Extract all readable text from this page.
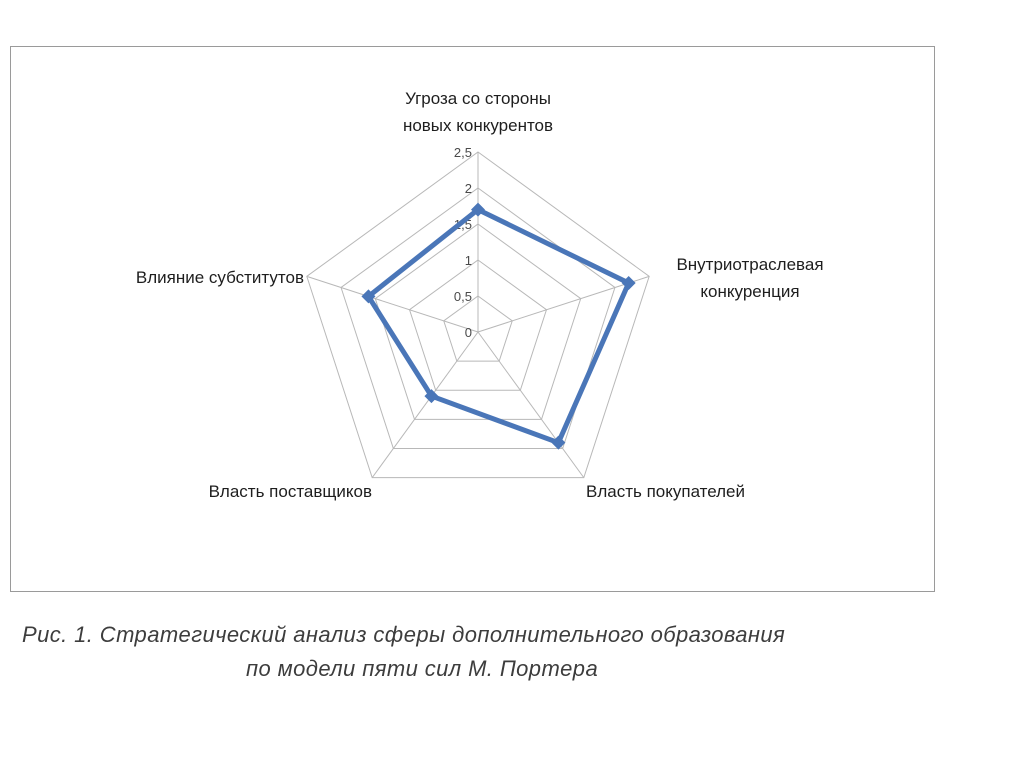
0
0,5
1
1,5
2
2,5
Угроза со стороны
новых конкурентов
Внутриотраслевая
конкуренция
Власть покупателей
Власть поставщиков
Влияние субститутов
Рис. 1. Стратегический анализ сферы дополнительного образования
по модели пяти сил М. Портера
